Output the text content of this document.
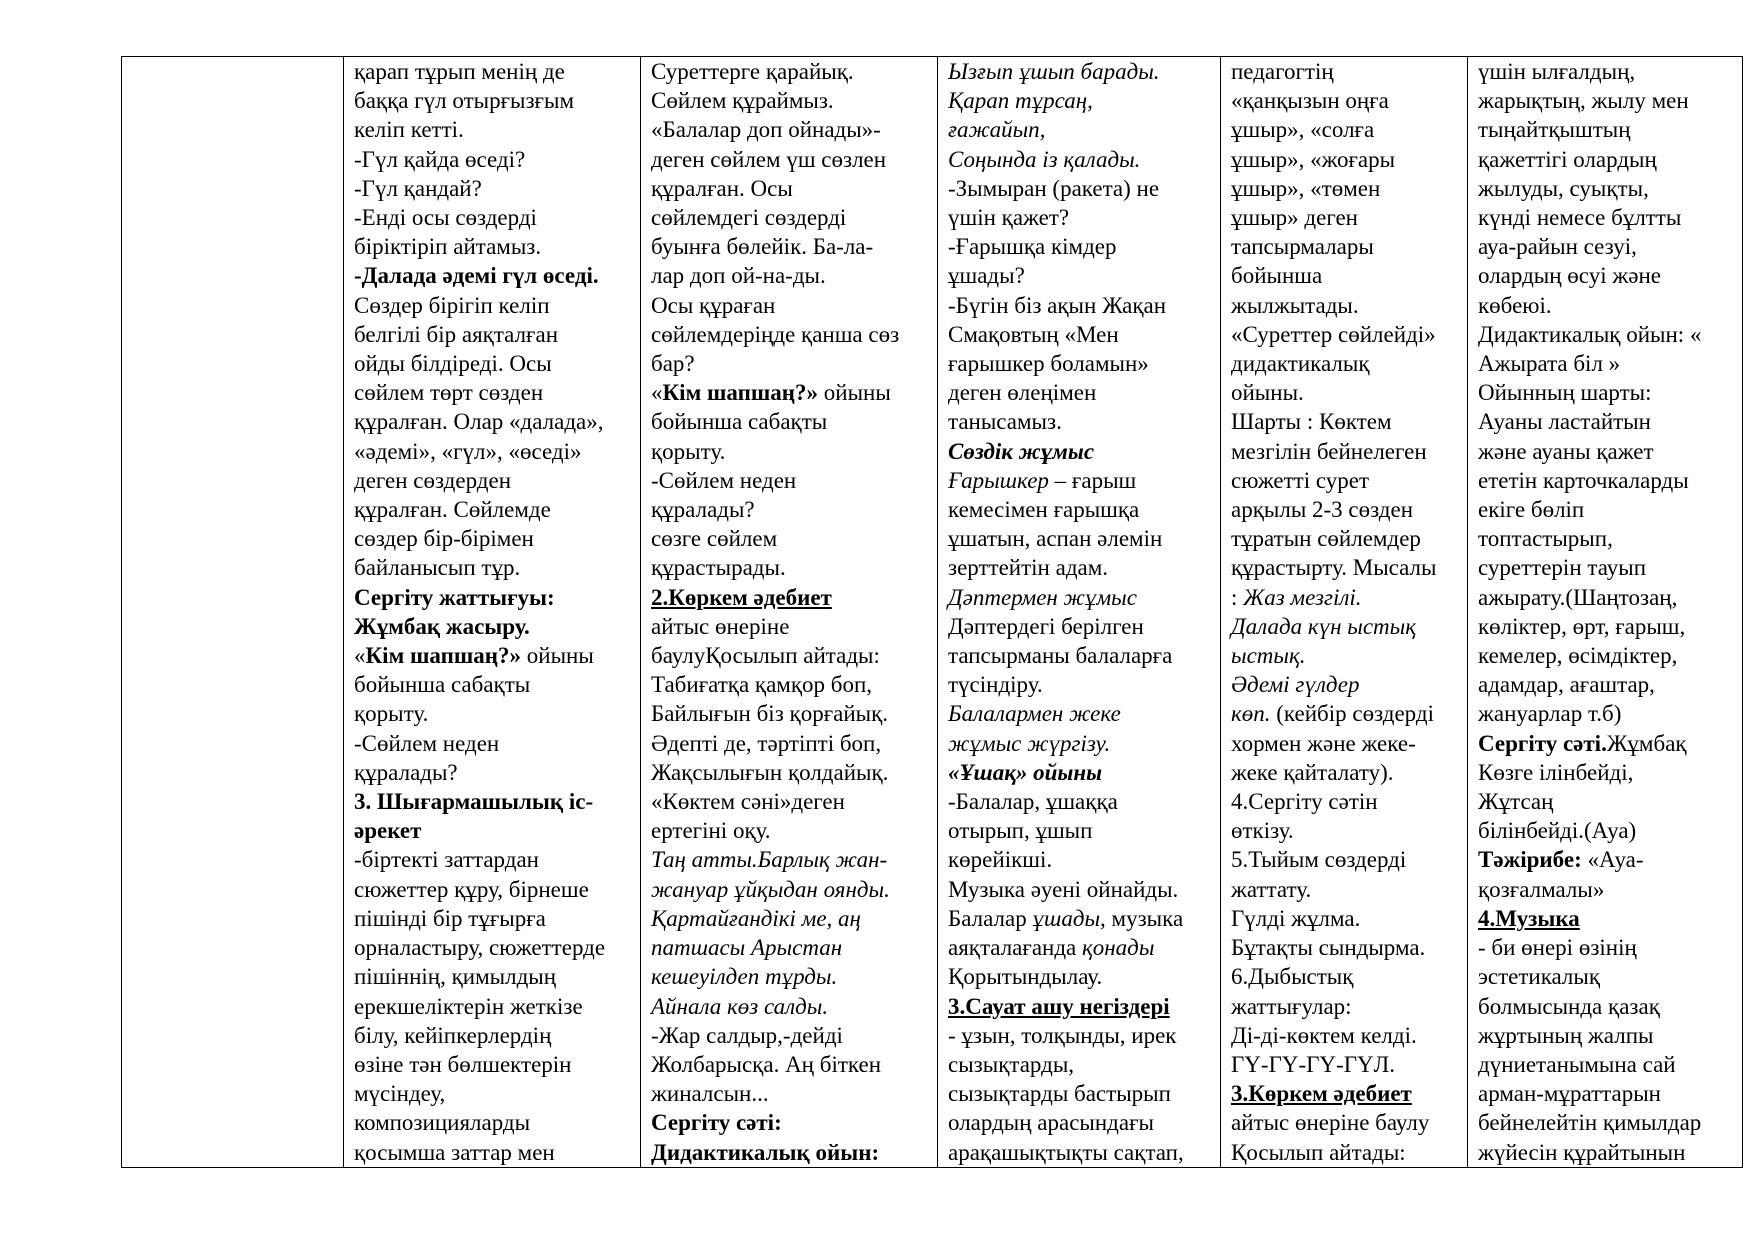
қарап тұрып менің де
баққа гүл отырғызғым
келіп кетті.
-Гүл қайда өседі?
-Гүл қандай?
-Енді осы сөздерді
біріктіріп айтамыз.
-Далада әдемі гүл өседі.
Сөздер бірігіп келіп
белгілі бір аяқталған
ойды білдіреді. Осы
сөйлем төрт сөзден
құралған. Олар «далада»,
«әдемі», «гүл», «өседі»
деген сөздерден
құралған. Сөйлемде
сөздер бір-бірімен
байланысып тұр.
Сергіту жаттығуы:
Жұмбақ жасыру.
«Кім шапшаң?» ойыны
бойынша сабақты
қорыту.
-Сөйлем неден
құралады?
3. Шығармашылық іс-
әрекет
-біртекті заттардан
сюжеттер құру, бірнеше
пішінді бір тұғырға
орналастыру, сюжеттерде
пішіннің, қимылдың
ерекшеліктерін жеткізе
білу, кейіпкерлердің
өзіне тән бөлшектерін
мүсіндеу,
композицияларды
қосымша заттар мен

Суреттерге қарайық.
Сөйлем құраймыз.
«Балалар доп ойнады»-
деген сөйлем үш сөзлен
құралған. Осы
сөйлемдегі сөздерді
буынға бөлейік. Ба-ла-
лар доп ой-на-ды.
Осы құраған
сөйлемдеріңде қанша сөз
бар?
«Кім шапшаң?» ойыны
бойынша сабақты
қорыту.
-Сөйлем неден
құралады?
сөзге сөйлем
құрастырады.
2.Көркем әдебиет
айтыс өнеріне
баулуҚосылып айтады:
Табиғатқа қамқор боп,
Байлығын біз қорғайық.
Әдепті де, тәртіпті боп,
Жақсылығын қолдайық.
«Көктем сәні»деген
ертегіні оқу.
Таң атты.Барлық жан-
жануар ұйқыдан оянды.
Қартайғандікі ме, аң
патшасы Арыстан
кешеуілдеп тұрды.
Айнала көз салды.
-Жар салдыр,-дейді
Жолбарысқа. Аң біткен
жиналсын...
Сергіту сәті:
Дидактикалық ойын:

Ызғып ұшып барады.
Қарап тұрсаң,
ғажайып,
Соңында із қалады.
-Зымыран (ракета) не
үшін қажет?
-Ғарышқа кімдер
ұшады?
-Бүгін біз ақын Жақан
Смақовтың «Мен
ғарышкер боламын»
деген өлеңімен
танысамыз.
Сөздік жұмыс
Ғарышкер – ғарыш
кемесімен ғарышқа
ұшатын, аспан әлемін
зерттейтін адам.
Дәптермен жұмыс
Дәптердегі берілген
тапсырманы балаларға
түсіндіру.
Балалармен жеке
жұмыс жүргізу.
«Ұшақ» ойыны
-Балалар, ұшаққа
отырып, ұшып
көрейікші.
Музыка әуені ойнайды.
Балалар ұшады, музыка
аяқталағанда қонады
Қорытындылау.
3.Сауат ашу негіздері
- ұзын, толқынды, ирек
сызықтарды,
сызықтарды бастырып
олардың арасындағы
арақашықтықты сақтап,

педагогтің
«қанқызын оңға
ұшыр», «солға
ұшыр», «жоғары
ұшыр», «төмен
ұшыр» деген
тапсырмалары
бойынша
жылжытады.
«Суреттер сөйлейді»
дидактикалық
ойыны.
Шарты : Көктем
мезгілін бейнелеген
сюжетті сурет
арқылы 2-3 сөзден
тұратын сөйлемдер
құрастырту. Мысалы
: Жаз мезгілі.
Далада күн ыстық
ыстық.
Әдемі гүлдер
көп. (кейбір сөздерді
хормен және жеке-
жеке қайталату).
4.Сергіту сәтін
өткізу.
5.Тыйым сөздерді
жаттату.
Гүлді жұлма.
Бұтақты сындырма.
6.Дыбыстық
жаттығулар:
Ді-ді-көктем келді.
ГҮ-ГҮ-ГҮ-ГҮЛ.
3.Көркем әдебиет
айтыс өнеріне баулу
Қосылып айтады:

үшін ылғалдың,
жарықтың, жылу мен
тыңайтқыштың
қажеттігі олардың
жылуды, суықты,
күнді немесе бұлтты
ауа-райын сезуі,
олардың өсуі және
көбеюі.
Дидактикалық ойын: «
Ажырата біл »
Ойынның шарты:
Ауаны ластайтын
және ауаны қажет
ететін карточкаларды
екіге бөліп
топтастырып,
суреттерін тауып
ажырату.(Шаңтозаң,
көліктер, өрт, ғарыш,
кемелер, өсімдіктер,
адамдар, ағаштар,
жануарлар т.б)
Сергіту сәті.Жұмбақ
Көзге ілінбейді,
Жұтсаң
білінбейді.(Ауа)
Тәжірибе: «Ауа-
қозғалмалы»
4.Музыка
- би өнері өзінің
эстетикалық
болмысында қазақ
жұртының жалпы
дүниетанымына сай
арман-мұраттарын
бейнелейтін қимылдар
жүйесін құрайтынын
